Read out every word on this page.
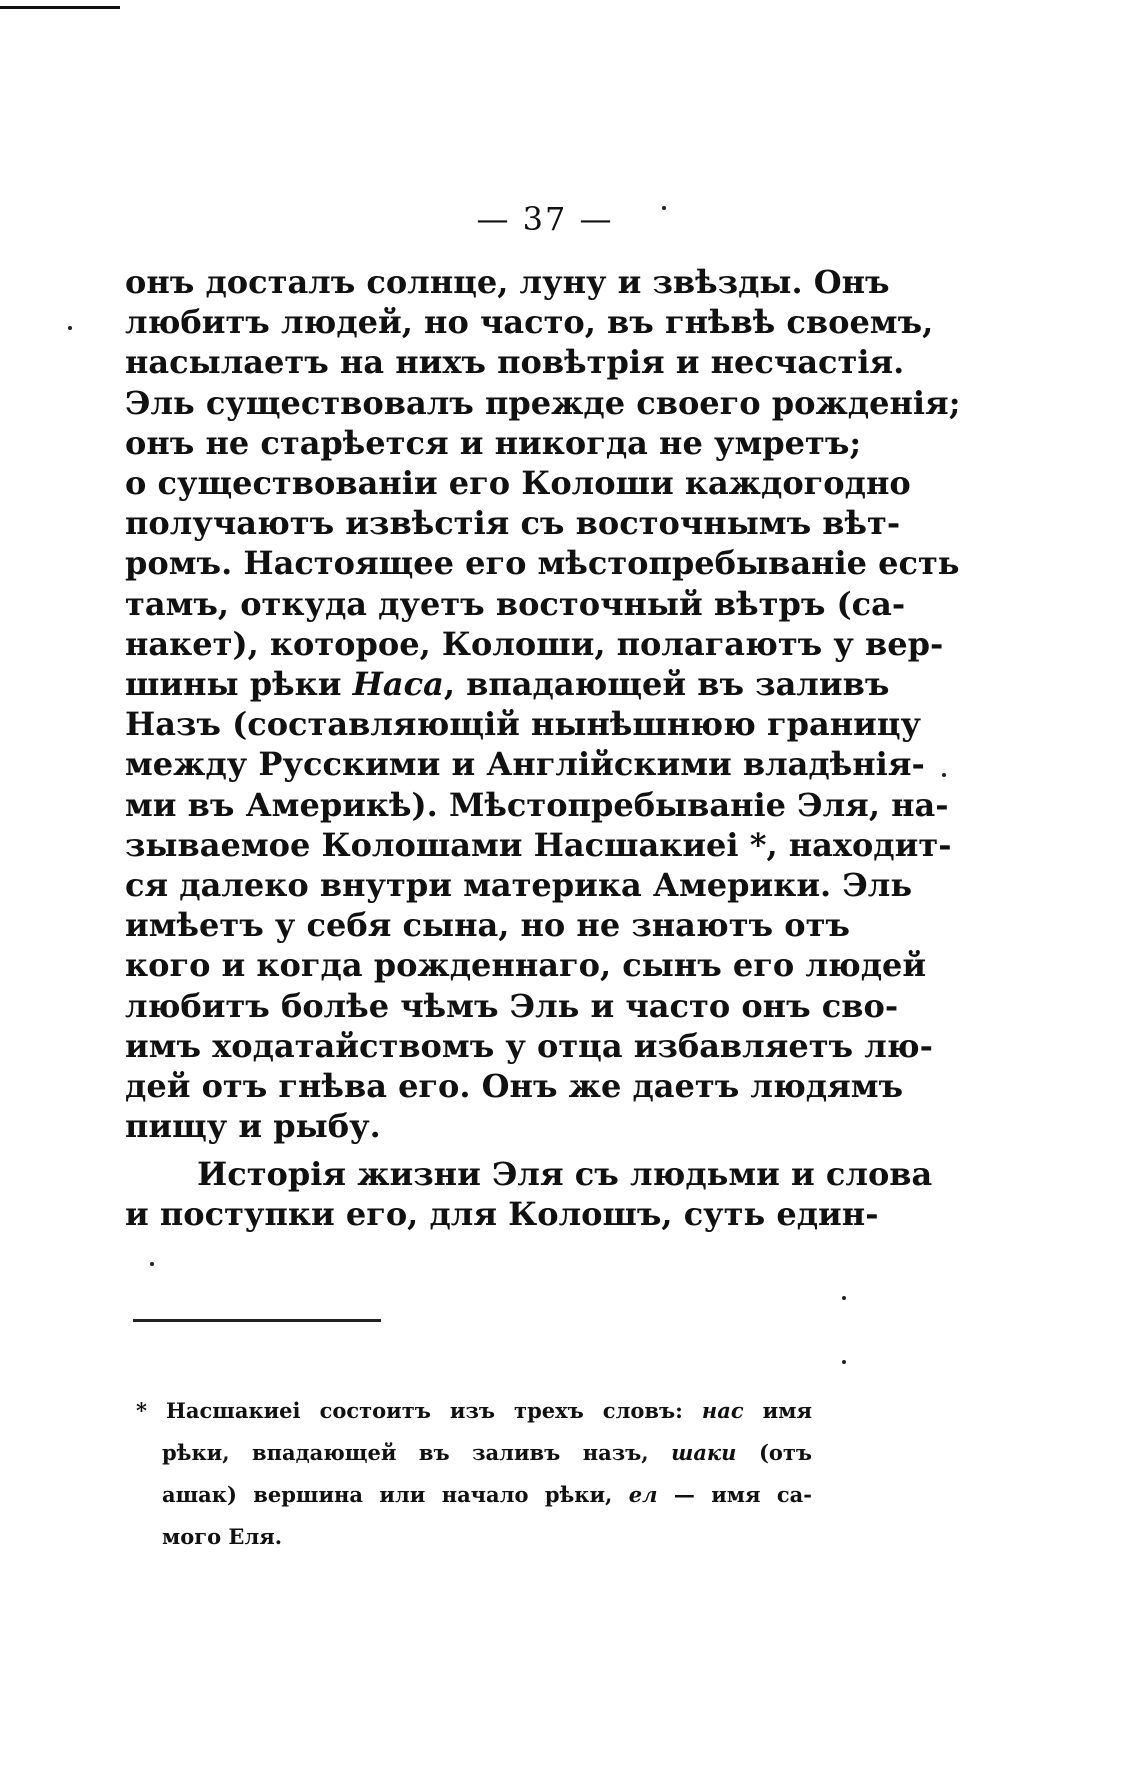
— 37 —
онъ досталъ солнце, луну и звѣзды. Онъ
любитъ людей, но часто, въ гнѣвѣ своемъ,
насылаетъ на нихъ повѣтрія и несчастія.
Эль существовалъ прежде своего рожденія;
онъ не старѣется и никогда не умретъ;
о существованіи его Колоши каждогодно
получаютъ извѣстія съ восточнымъ вѣт-
ромъ. Настоящее его мѣстопребываніе есть
тамъ, откуда дуетъ восточный вѣтръ (са-
накет), которое, Колоши, полагаютъ у вер-
шины рѣки Наса, впадающей въ заливъ
Назъ (составляющій нынѣшнюю границу
между Русскими и Англійскими владѣнія-
ми въ Америкѣ). Мѣстопребываніе Эля, на-
зываемое Колошами Насшакиеі *, находит-
ся далеко внутри материка Америки. Эль
имѣетъ у себя сына, но не знаютъ отъ
кого и когда рожденнаго, сынъ его людей
любитъ болѣе чѣмъ Эль и часто онъ сво-
имъ ходатайствомъ у отца избавляетъ лю-
дей отъ гнѣва его. Онъ же даетъ людямъ
пищу и рыбу.
Исторія жизни Эля съ людьми и слова
и поступки его, для Колошъ, суть един-
* Насшакиеі состоитъ изъ трехъ словъ: нас имя
рѣки, впадающей въ заливъ назъ, шаки (отъ
ашак) вершина или начало рѣки, ел — имя са-
мого Еля.
